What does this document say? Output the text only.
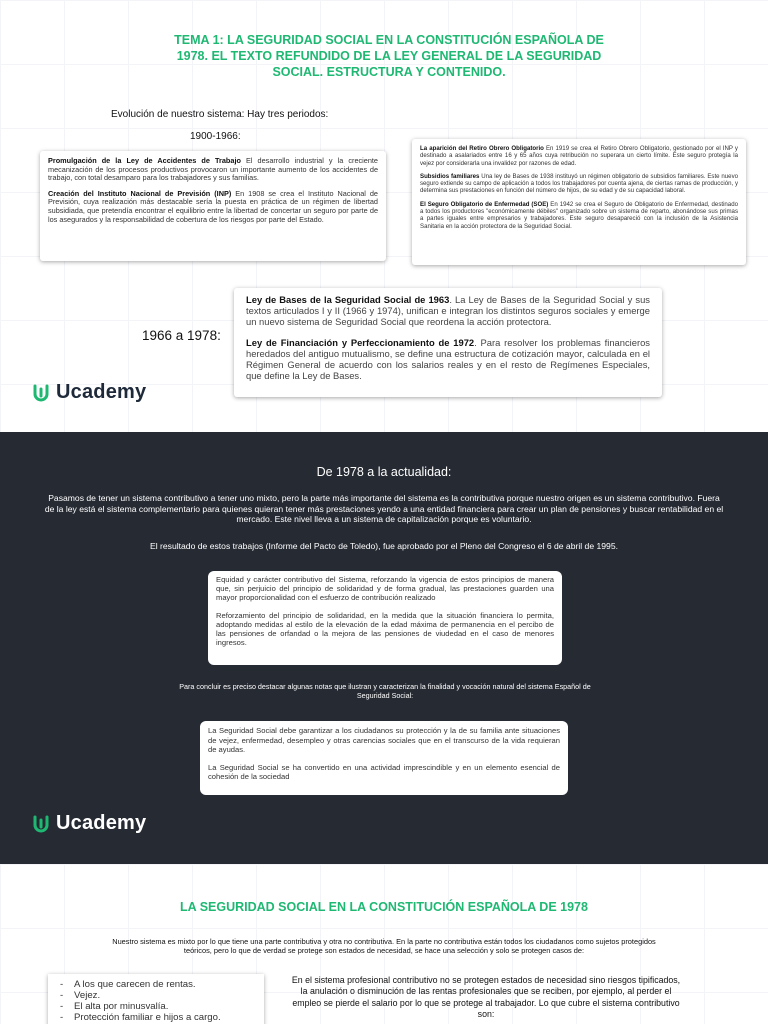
TEMA 1: LA SEGURIDAD SOCIAL EN LA CONSTITUCIÓN ESPAÑOLA DE 1978. EL TEXTO REFUNDIDO DE LA LEY GENERAL DE LA SEGURIDAD SOCIAL. ESTRUCTURA Y CONTENIDO.
Evolución de nuestro sistema: Hay tres periodos:
1900-1966:

Promulgación de la Ley de Accidentes de Trabajo El desarrollo industrial y la creciente mecanización de los procesos productivos provocaron un importante aumento de los accidentes de trabajo, con total desamparo para los trabajadores y sus familias.

Creación del Instituto Nacional de Previsión (INP) En 1908 se crea el Instituto Nacional de Previsión, cuya realización más destacable sería la puesta en práctica de un régimen de libertad subsidiada, que pretendía encontrar el equilibrio entre la libertad de concertar un seguro por parte de los asegurados y la responsabilidad de cobertura de los riesgos por parte del Estado.

La aparición del Retiro Obrero Obligatorio En 1919 se crea el Retiro Obrero Obligatorio, gestionado por el INP y destinado a asalariados entre 16 y 65 años cuya retribución no superara un cierto límite. Este seguro protegía la vejez por considerarla una invalidez por razones de edad.

Subsidios familiares Una ley de Bases de 1938 instituyó un régimen obligatorio de subsidios familiares. Este nuevo seguro extiende su campo de aplicación a todos los trabajadores por cuenta ajena, de ciertas ramas de producción, y determina sus prestaciones en función del número de hijos, de su edad y de su capacidad laboral.

El Seguro Obligatorio de Enfermedad (SOE) En 1942 se crea el Seguro de Obligatorio de Enfermedad, destinado a todos los productores "económicamente débiles" organizado sobre un sistema de reparto, abonándose sus primas a partes iguales entre empresarios y trabajadores. Este seguro desapareció con la inclusión de la Asistencia Sanitaria en la acción protectora de la Seguridad Social.

1966 a 1978:

Ley de Bases de la Seguridad Social de 1963. La Ley de Bases de la Seguridad Social y sus textos articulados I y II (1966 y 1974), unifican e integran los distintos seguros sociales y emerge un nuevo sistema de Seguridad Social que reordena la acción protectora.

Ley de Financiación y Perfeccionamiento de 1972. Para resolver los problemas financieros heredados del antiguo mutualismo, se define una estructura de cotización mayor, calculada en el Régimen General de acuerdo con los salarios reales y en el resto de Regímenes Especiales, que define la Ley de Bases.

Ucademy
De 1978 a la actualidad:
Pasamos de tener un sistema contributivo a tener uno mixto, pero la parte más importante del sistema es la contributiva porque nuestro origen es un sistema contributivo. Fuera de la ley está el sistema complementario para quienes quieran tener más prestaciones yendo a una entidad financiera para crear un plan de pensiones y buscar rentabilidad en el mercado. Este nivel lleva a un sistema de capitalización porque es voluntario.
El resultado de estos trabajos (Informe del Pacto de Toledo), fue aprobado por el Pleno del Congreso el 6 de abril de 1995.

Equidad y carácter contributivo del Sistema, reforzando la vigencia de estos principios de manera que, sin perjuicio del principio de solidaridad y de forma gradual, las prestaciones guarden una mayor proporcionalidad con el esfuerzo de contribución realizado

Reforzamiento del principio de solidaridad, en la medida que la situación financiera lo permita, adoptando medidas al estilo de la elevación de la edad máxima de permanencia en el percibo de las pensiones de orfandad o la mejora de las pensiones de viudedad en el caso de menores ingresos.

Para concluir es preciso destacar algunas notas que ilustran y caracterizan la finalidad y vocación natural del sistema Español de Seguridad Social:

La Seguridad Social debe garantizar a los ciudadanos su protección y la de su familia ante situaciones de vejez, enfermedad, desempleo y otras carencias sociales que en el transcurso de la vida requieran de ayudas.

La Seguridad Social se ha convertido en una actividad imprescindible y en un elemento esencial de cohesión de la sociedad

Ucademy
LA SEGURIDAD SOCIAL EN LA CONSTITUCIÓN ESPAÑOLA DE 1978
Nuestro sistema es mixto por lo que tiene una parte contributiva y otra no contributiva. En la parte no contributiva están todos los ciudadanos como sujetos protegidos teóricos, pero lo que de verdad se protege son estados de necesidad, se hace una selección y solo se protegen casos de:
- A los que carecen de rentas.
- Vejez.
- El alta por minusvalía.
- Protección familiar e hijos a cargo.
En el sistema profesional contributivo no se protegen estados de necesidad sino riesgos tipificados, la anulación o disminución de las rentas profesionales que se reciben, por ejemplo, al perder el empleo se pierde el salario por lo que se protege al trabajador. Lo que cubre el sistema contributivo son:
